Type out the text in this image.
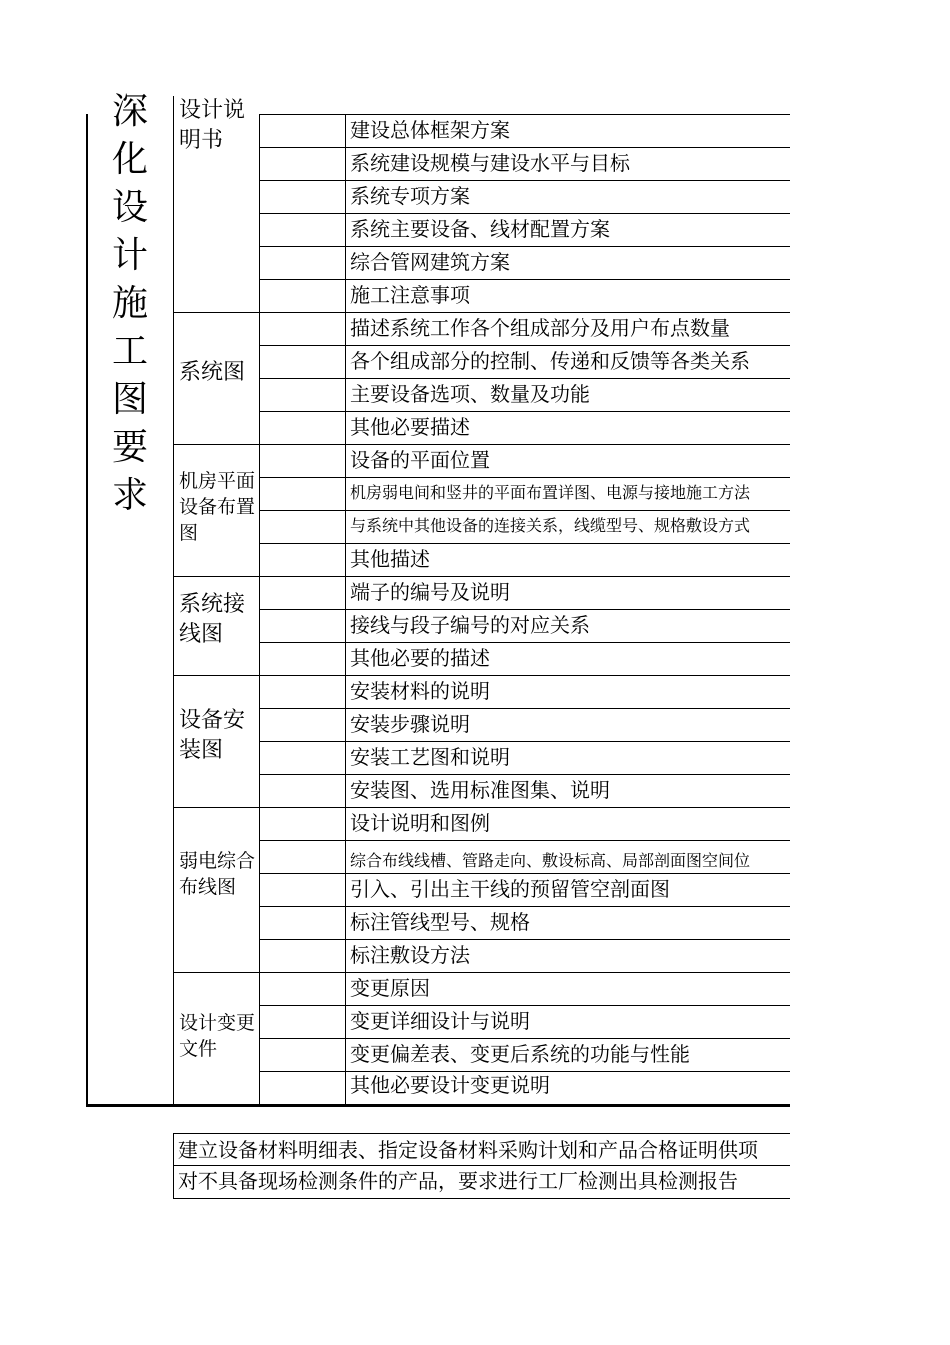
深
化
设
计
施
工
图
要
求
设计说明书
系统图
机房平面设备布置图
系统接线图
设备安装图
弱电综合布线图
设计变更文件
建设总体框架方案
系统建设规模与建设水平与目标
系统专项方案
系统主要设备、线材配置方案
综合管网建筑方案
施工注意事项
描述系统工作各个组成部分及用户布点数量
各个组成部分的控制、传递和反馈等各类关系
主要设备选项、数量及功能
其他必要描述
设备的平面位置
机房弱电间和竖井的平面布置详图、电源与接地施工方法
与系统中其他设备的连接关系，线缆型号、规格敷设方式
其他描述
端子的编号及说明
接线与段子编号的对应关系
其他必要的描述
安装材料的说明
安装步骤说明
安装工艺图和说明
安装图、选用标准图集、说明
设计说明和图例
综合布线线槽、管路走向、敷设标高、局部剖面图空间位
引入、引出主干线的预留管空剖面图
标注管线型号、规格
标注敷设方法
变更原因
变更详细设计与说明
变更偏差表、变更后系统的功能与性能
其他必要设计变更说明
建立设备材料明细表、指定设备材料采购计划和产品合格证明供项
对不具备现场检测条件的产品，要求进行工厂检测出具检测报告
